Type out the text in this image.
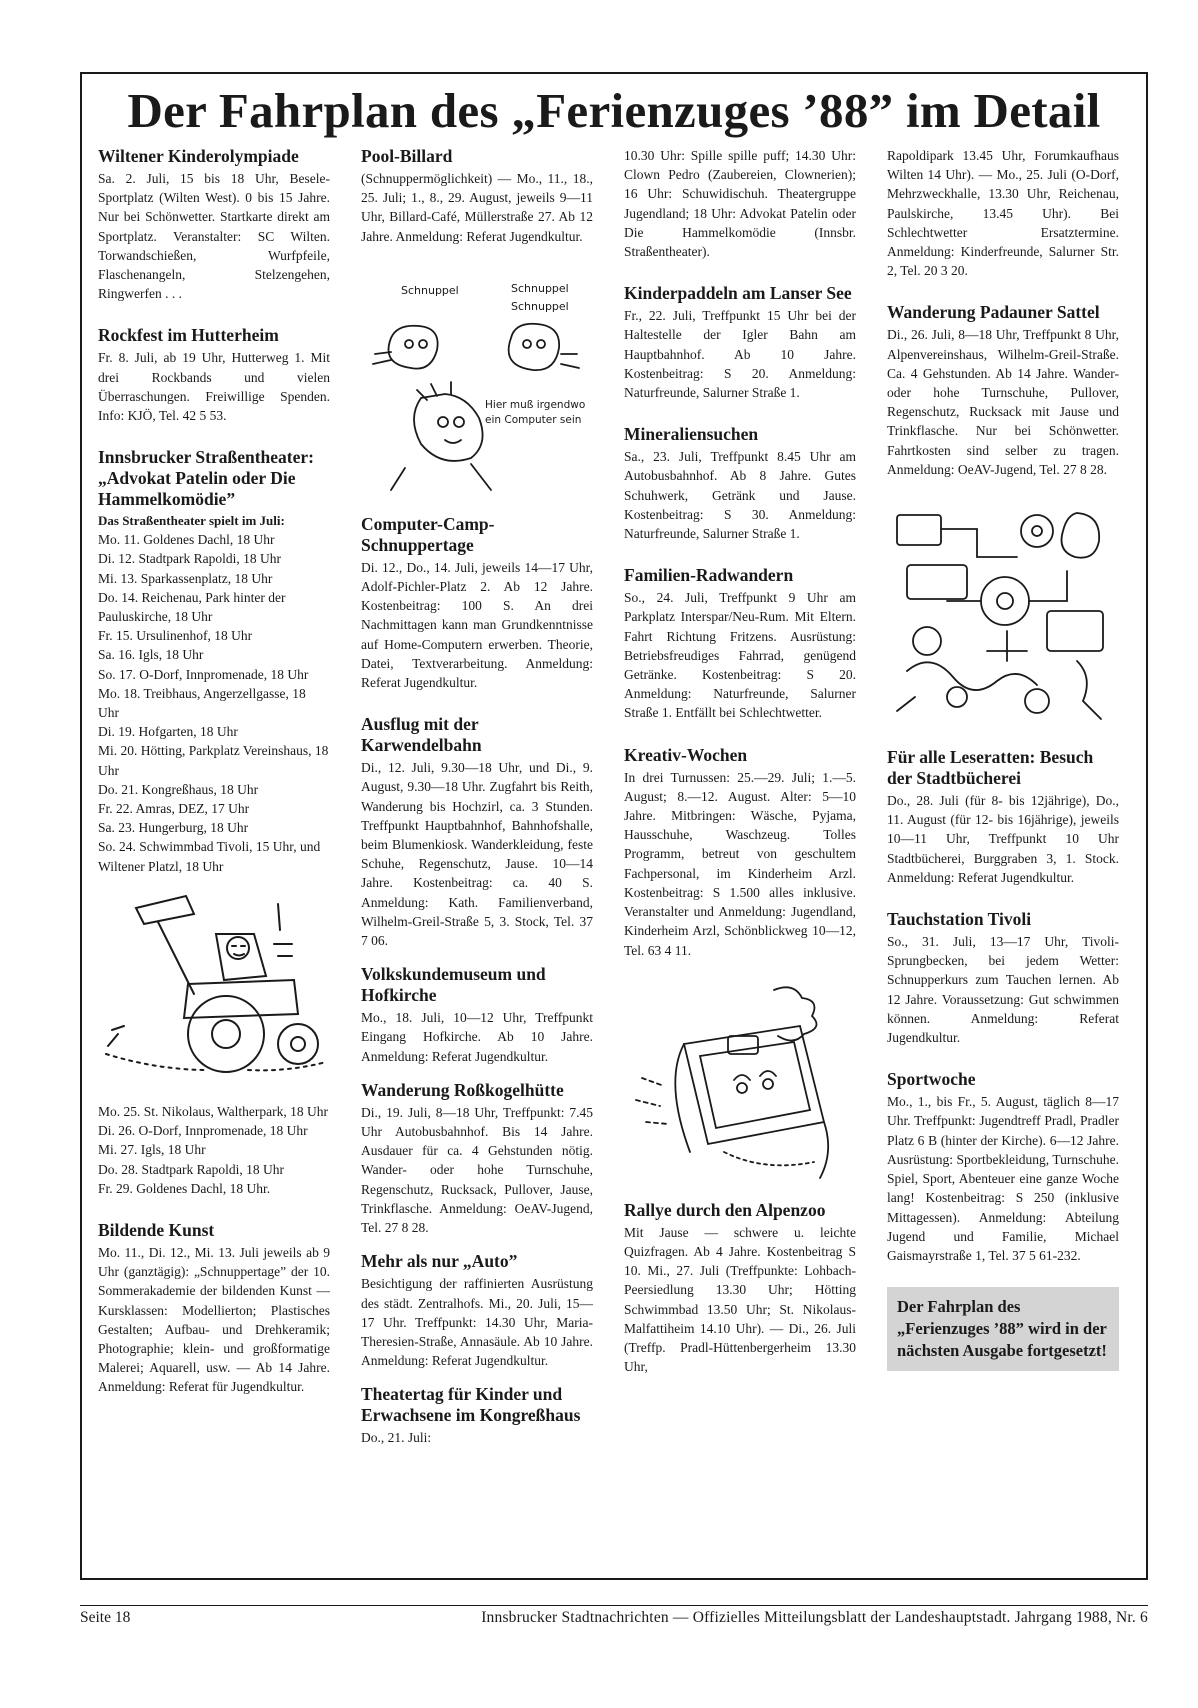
Der Fahrplan des „Ferienzuges ’88” im Detail

Wiltener Kinderolympiade

Sa. 2. Juli, 15 bis 18 Uhr, Besele-Sportplatz (Wilten West). 0 bis 15 Jahre. Nur bei Schönwetter. Startkarte direkt am Sportplatz. Veranstalter: SC Wilten. Torwandschießen, Wurfpfeile, Flaschenangeln, Stelzengehen, Ringwerfen . . .

Rockfest im Hutterheim

Fr. 8. Juli, ab 19 Uhr, Hutterweg 1. Mit drei Rockbands und vielen Überraschungen. Freiwillige Spenden. Info: KJÖ, Tel. 42 5 53.

Innsbrucker Straßentheater: „Advokat Patelin oder Die Hammelkomödie”

Das Straßentheater spielt im Juli:

Mo. 11. Goldenes Dachl, 18 Uhr
Di. 12. Stadtpark Rapoldi, 18 Uhr
Mi. 13. Sparkassenplatz, 18 Uhr
Do. 14. Reichenau, Park hinter der Pauluskirche, 18 Uhr
Fr. 15. Ursulinenhof, 18 Uhr
Sa. 16. Igls, 18 Uhr
So. 17. O-Dorf, Innpromenade, 18 Uhr
Mo. 18. Treibhaus, Angerzellgasse, 18 Uhr
Di. 19. Hofgarten, 18 Uhr
Mi. 20. Hötting, Parkplatz Vereinshaus, 18 Uhr
Do. 21. Kongreßhaus, 18 Uhr
Fr. 22. Amras, DEZ, 17 Uhr
Sa. 23. Hungerburg, 18 Uhr
So. 24. Schwimmbad Tivoli, 15 Uhr, und Wiltener Platzl, 18 Uhr
Mo. 25. St. Nikolaus, Waltherpark, 18 Uhr
Di. 26. O-Dorf, Innpromenade, 18 Uhr
Mi. 27. Igls, 18 Uhr
Do. 28. Stadtpark Rapoldi, 18 Uhr
Fr. 29. Goldenes Dachl, 18 Uhr.

Bildende Kunst

Mo. 11., Di. 12., Mi. 13. Juli jeweils ab 9 Uhr (ganztägig): „Schnuppertage” der 10. Sommerakademie der bildenden Kunst — Kursklassen: Modellierton; Plastisches Gestalten; Aufbau- und Drehkeramik; Photographie; klein- und großformatige Malerei; Aquarell, usw. — Ab 14 Jahre. Anmeldung: Referat für Jugendkultur.

Pool-Billard

(Schnuppermöglichkeit) — Mo., 11., 18., 25. Juli; 1., 8., 29. August, jeweils 9—11 Uhr, Billard-Café, Müllerstraße 27. Ab 12 Jahre. Anmeldung: Referat Jugendkultur.

Schnuppel	Schnuppel
Schnuppel
Hier muß irgendwo ein Computer sein

Computer-Camp-Schnuppertage

Di. 12., Do., 14. Juli, jeweils 14—17 Uhr, Adolf-Pichler-Platz 2. Ab 12 Jahre. Kostenbeitrag: 100 S. An drei Nachmittagen kann man Grundkenntnisse auf Home-Computern erwerben. Theorie, Datei, Textverarbeitung. Anmeldung: Referat Jugendkultur.

Ausflug mit der Karwendelbahn

Di., 12. Juli, 9.30—18 Uhr, und Di., 9. August, 9.30—18 Uhr. Zugfahrt bis Reith, Wanderung bis Hochzirl, ca. 3 Stunden. Treffpunkt Hauptbahnhof, Bahnhofshalle, beim Blumenkiosk. Wanderkleidung, feste Schuhe, Regenschutz, Jause. 10—14 Jahre. Kostenbeitrag: ca. 40 S. Anmeldung: Kath. Familienverband, Wilhelm-Greil-Straße 5, 3. Stock, Tel. 37 7 06.

Volkskundemuseum und Hofkirche

Mo., 18. Juli, 10—12 Uhr, Treffpunkt Eingang Hofkirche. Ab 10 Jahre. Anmeldung: Referat Jugendkultur.

Wanderung Roßkogelhütte

Di., 19. Juli, 8—18 Uhr, Treffpunkt: 7.45 Uhr Autobusbahnhof. Bis 14 Jahre. Ausdauer für ca. 4 Gehstunden nötig. Wander- oder hohe Turnschuhe, Regenschutz, Rucksack, Pullover, Jause, Trinkflasche. Anmeldung: OeAV-Jugend, Tel. 27 8 28.

Mehr als nur „Auto”

Besichtigung der raffinierten Ausrüstung des städt. Zentralhofs. Mi., 20. Juli, 15—17 Uhr. Treffpunkt: 14.30 Uhr, Maria-Theresien-Straße, Annasäule. Ab 10 Jahre. Anmeldung: Referat Jugendkultur.

Theatertag für Kinder und Erwachsene im Kongreßhaus

Do., 21. Juli:

10.30 Uhr: Spille spille puff; 14.30 Uhr: Clown Pedro (Zaubereien, Clownerien); 16 Uhr: Schuwidischuh. Theatergruppe Jugendland; 18 Uhr: Advokat Patelin oder Die Hammelkomödie (Innsbr. Straßentheater).

Kinderpaddeln am Lanser See

Fr., 22. Juli, Treffpunkt 15 Uhr bei der Haltestelle der Igler Bahn am Hauptbahnhof. Ab 10 Jahre. Kostenbeitrag: S 20. Anmeldung: Naturfreunde, Salurner Straße 1.

Mineraliensuchen

Sa., 23. Juli, Treffpunkt 8.45 Uhr am Autobusbahnhof. Ab 8 Jahre. Gutes Schuhwerk, Getränk und Jause. Kostenbeitrag: S 30. Anmeldung: Naturfreunde, Salurner Straße 1.

Familien-Radwandern

So., 24. Juli, Treffpunkt 9 Uhr am Parkplatz Interspar/Neu-Rum. Mit Eltern. Fahrt Richtung Fritzens. Ausrüstung: Betriebsfreudiges Fahrrad, genügend Getränke. Kostenbeitrag: S 20. Anmeldung: Naturfreunde, Salurner Straße 1. Entfällt bei Schlechtwetter.

Kreativ-Wochen

In drei Turnussen: 25.—29. Juli; 1.—5. August; 8.—12. August. Alter: 5—10 Jahre. Mitbringen: Wäsche, Pyjama, Hausschuhe, Waschzeug. Tolles Programm, betreut von geschultem Fachpersonal, im Kinderheim Arzl. Kostenbeitrag: S 1.500 alles inklusive. Veranstalter und Anmeldung: Jugendland, Kinderheim Arzl, Schönblickweg 10—12, Tel. 63 4 11.

Rallye durch den Alpenzoo

Mit Jause — schwere u. leichte Quizfragen. Ab 4 Jahre. Kostenbeitrag S 10. Mi., 27. Juli (Treffpunkte: Lohbach-Peersiedlung 13.30 Uhr; Hötting Schwimmbad 13.50 Uhr; St. Nikolaus-Malfattiheim 14.10 Uhr). — Di., 26. Juli (Treffp. Pradl-Hüttenbergerheim 13.30 Uhr,

Rapoldipark 13.45 Uhr, Forumkaufhaus Wilten 14 Uhr). — Mo., 25. Juli (O-Dorf, Mehrzweckhalle, 13.30 Uhr, Reichenau, Paulskirche, 13.45 Uhr). Bei Schlechtwetter Ersatztermine. Anmeldung: Kinderfreunde, Salurner Str. 2, Tel. 20 3 20.

Wanderung Padauner Sattel

Di., 26. Juli, 8—18 Uhr, Treffpunkt 8 Uhr, Alpenvereinshaus, Wilhelm-Greil-Straße. Ca. 4 Gehstunden. Ab 14 Jahre. Wander- oder hohe Turnschuhe, Pullover, Regenschutz, Rucksack mit Jause und Trinkflasche. Nur bei Schönwetter. Fahrtkosten sind selber zu tragen. Anmeldung: OeAV-Jugend, Tel. 27 8 28.

Für alle Leseratten: Besuch der Stadtbücherei

Do., 28. Juli (für 8- bis 12jährige), Do., 11. August (für 12- bis 16jährige), jeweils 10—11 Uhr, Treffpunkt 10 Uhr Stadtbücherei, Burggraben 3, 1. Stock. Anmeldung: Referat Jugendkultur.

Tauchstation Tivoli

So., 31. Juli, 13—17 Uhr, Tivoli-Sprungbecken, bei jedem Wetter: Schnupperkurs zum Tauchen lernen. Ab 12 Jahre. Voraussetzung: Gut schwimmen können. Anmeldung: Referat Jugendkultur.

Sportwoche

Mo., 1., bis Fr., 5. August, täglich 8—17 Uhr. Treffpunkt: Jugendtreff Pradl, Pradler Platz 6 B (hinter der Kirche). 6—12 Jahre. Ausrüstung: Sportbekleidung, Turnschuhe. Spiel, Sport, Abenteuer eine ganze Woche lang! Kostenbeitrag: S 250 (inklusive Mittagessen). Anmeldung: Abteilung Jugend und Familie, Michael Gaismayrstraße 1, Tel. 37 5 61-232.

Der Fahrplan des „Ferienzuges ’88” wird in der nächsten Ausgabe fortgesetzt!
Seite 18	Innsbrucker Stadtnachrichten — Offizielles Mitteilungsblatt der Landeshauptstadt. Jahrgang 1988, Nr. 6
